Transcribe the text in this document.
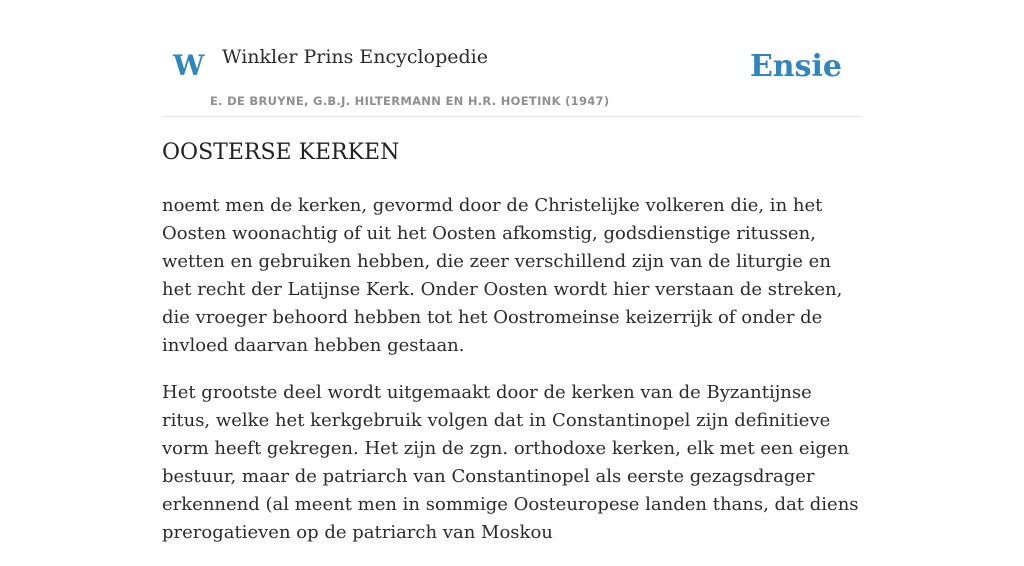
W Winkler Prins Encyclopedie
E. DE BRUYNE, G.B.J. HILTERMANN EN H.R. HOETINK (1947)
Ensie
OOSTERSE KERKEN

noemt men de kerken, gevormd door de Christelijke volkeren die, in het Oosten woonachtig of uit het Oosten afkomstig, godsdienstige ritussen, wetten en gebruiken hebben, die zeer verschillend zijn van de liturgie en het recht der Latijnse Kerk. Onder Oosten wordt hier verstaan de streken, die vroeger behoord hebben tot het Oostromeinse keizerrijk of onder de invloed daarvan hebben gestaan.

Het grootste deel wordt uitgemaakt door de kerken van de Byzantijnse ritus, welke het kerkgebruik volgen dat in Constantinopel zijn definitieve vorm heeft gekregen. Het zijn de zgn. orthodoxe kerken, elk met een eigen bestuur, maar de patriarch van Constantinopel als eerste gezagsdrager erkennend (al meent men in sommige Oosteuropese landen thans, dat diens prerogatieven op de patriarch van Moskou
